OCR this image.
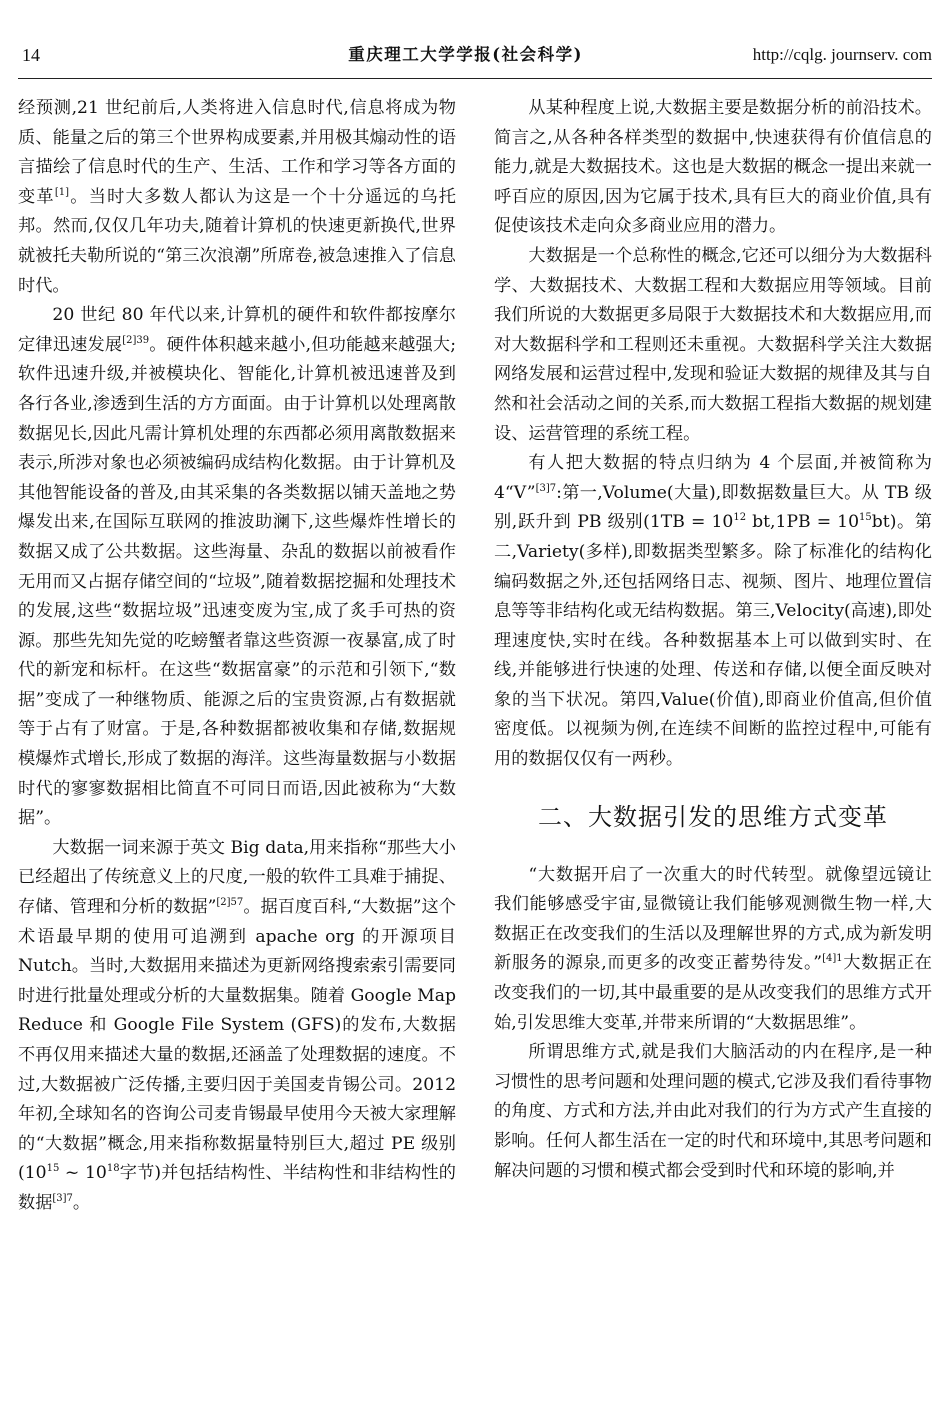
14	重庆理工大学学报(社会科学)	http://cqlg. journserv. com

经预测,21 世纪前后,人类将进入信息时代,信息将成为物质、能量之后的第三个世界构成要素,并用极其煽动性的语言描绘了信息时代的生产、生活、工作和学习等各方面的变革[1]。当时大多数人都认为这是一个十分遥远的乌托邦。然而,仅仅几年功夫,随着计算机的快速更新换代,世界就被托夫勒所说的“第三次浪潮”所席卷,被急速推入了信息时代。

20 世纪 80 年代以来,计算机的硬件和软件都按摩尔定律迅速发展$^{[2]39}$。硬件体积越来越小,但功能越来越强大;软件迅速升级,并被模块化、智能化,计算机被迅速普及到各行各业,渗透到生活的方方面面。由于计算机以处理离散数据见长,因此凡需计算机处理的东西都必须用离散数据来表示,所涉对象也必须被编码成结构化数据。由于计算机及其他智能设备的普及,由其采集的各类数据以铺天盖地之势爆发出来,在国际互联网的推波助澜下,这些爆炸性增长的数据又成了公共数据。这些海量、杂乱的数据以前被看作无用而又占据存储空间的“垃圾”,随着数据挖掘和处理技术的发展,这些“数据垃圾”迅速变废为宝,成了炙手可热的资源。那些先知先觉的吃螃蟹者靠这些资源一夜暴富,成了时代的新宠和标杆。在这些“数据富豪”的示范和引领下,“数据”变成了一种继物质、能源之后的宝贵资源,占有数据就等于占有了财富。于是,各种数据都被收集和存储,数据规模爆炸式增长,形成了数据的海洋。这些海量数据与小数据时代的寥寥数据相比简直不可同日而语,因此被称为“大数据”。

大数据一词来源于英文 Big data,用来指称“那些大小已经超出了传统意义上的尺度,一般的软件工具难于捕捉、存储、管理和分析的数据”$^{[2]57}$。据百度百科,“大数据”这个术语最早期的使用可追溯到 apache org 的开源项目 Nutch。当时,大数据用来描述为更新网络搜索索引需要同时进行批量处理或分析的大量数据集。随着 Google Map Reduce 和 Google File System (GFS)的发布,大数据不再仅用来描述大量的数据,还涵盖了处理数据的速度。不过,大数据被广泛传播,主要归因于美国麦肯锡公司。2012 年初,全球知名的咨询公司麦肯锡最早使用今天被大家理解的“大数据”概念,用来指称数据量特别巨大,超过 PE 级别($10^{15}$ ~ $10^{18}$字节)并包括结构性、半结构性和非结构性的数据$^{[3]7}$。

从某种程度上说,大数据主要是数据分析的前沿技术。简言之,从各种各样类型的数据中,快速获得有价值信息的能力,就是大数据技术。这也是大数据的概念一提出来就一呼百应的原因,因为它属于技术,具有巨大的商业价值,具有促使该技术走向众多商业应用的潜力。

大数据是一个总称性的概念,它还可以细分为大数据科学、大数据技术、大数据工程和大数据应用等领域。目前我们所说的大数据更多局限于大数据技术和大数据应用,而对大数据科学和工程则还未重视。大数据科学关注大数据网络发展和运营过程中,发现和验证大数据的规律及其与自然和社会活动之间的关系,而大数据工程指大数据的规划建设、运营管理的系统工程。

有人把大数据的特点归纳为 4 个层面,并被简称为 4“V”$^{[3]7}$:第一,Volume(大量),即数据数量巨大。从 TB 级别,跃升到 PB 级别($1TB = 10^{12}$ $bt,1PB = 10^{15}bt$)。第二,Variety(多样),即数据类型繁多。除了标准化的结构化编码数据之外,还包括网络日志、视频、图片、地理位置信息等等非结构化或无结构数据。第三,Velocity(高速),即处理速度快,实时在线。各种数据基本上可以做到实时、在线,并能够进行快速的处理、传送和存储,以便全面反映对象的当下状况。第四,Value(价值),即商业价值高,但价值密度低。以视频为例,在连续不间断的监控过程中,可能有用的数据仅仅有一两秒。

二、大数据引发的思维方式变革

“大数据开启了一次重大的时代转型。就像望远镜让我们能够感受宇宙,显微镜让我们能够观测微生物一样,大数据正在改变我们的生活以及理解世界的方式,成为新发明新服务的源泉,而更多的改变正蓄势待发。”$^{[4]1}$大数据正在改变我们的一切,其中最重要的是从改变我们的思维方式开始,引发思维大变革,并带来所谓的“大数据思维”。

所谓思维方式,就是我们大脑活动的内在程序,是一种习惯性的思考问题和处理问题的模式,它涉及我们看待事物的角度、方式和方法,并由此对我们的行为方式产生直接的影响。任何人都生活在一定的时代和环境中,其思考问题和解决问题的习惯和模式都会受到时代和环境的影响,并
